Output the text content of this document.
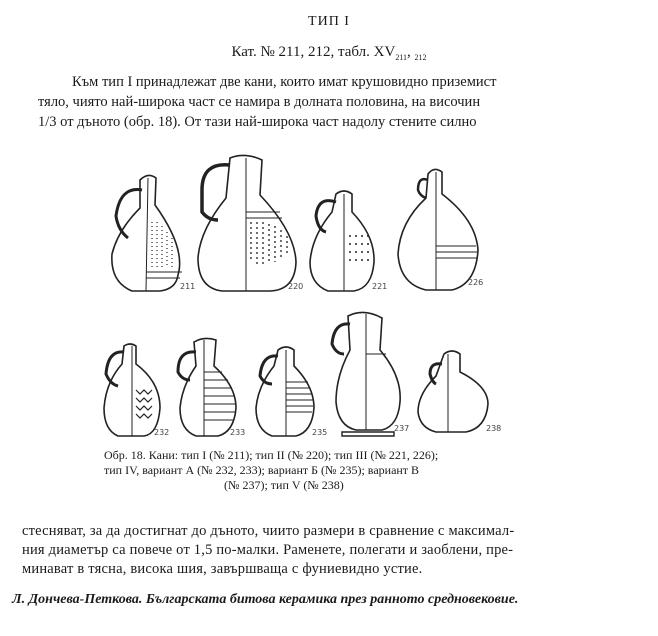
ТИП I
Кат. № 211, 212, табл. $XV_{211}$, $_{212}$
Към тип I принадлежат две кани, които имат крушовидно приземист
тяло, чиято най-широка част се намира в долната половина, на височин
1/3 от дъното (обр. 18). От тази най-широка част надолу стените силно
211	220	221	226
232	233	235	237	238
Обр. 18. Кани: тип I (№ 211); тип II (№ 220); тип III (№ 221, 226);
тип IV, вариант А (№ 232, 233); вариант Б (№ 235); вариант В
(№ 237); тип V (№ 238)
стесняват, за да достигнат до дъното, чиито размери в сравнение с максимал-
ния диаметър са повече от 1,5 по-малки. Раменете, полегати и заоблени, пре-
минават в тясна, висока шия, завършваща с фуниевидно устие.
Л. Дончева-Петкова. Българската битова керамика през ранното средновековие.
